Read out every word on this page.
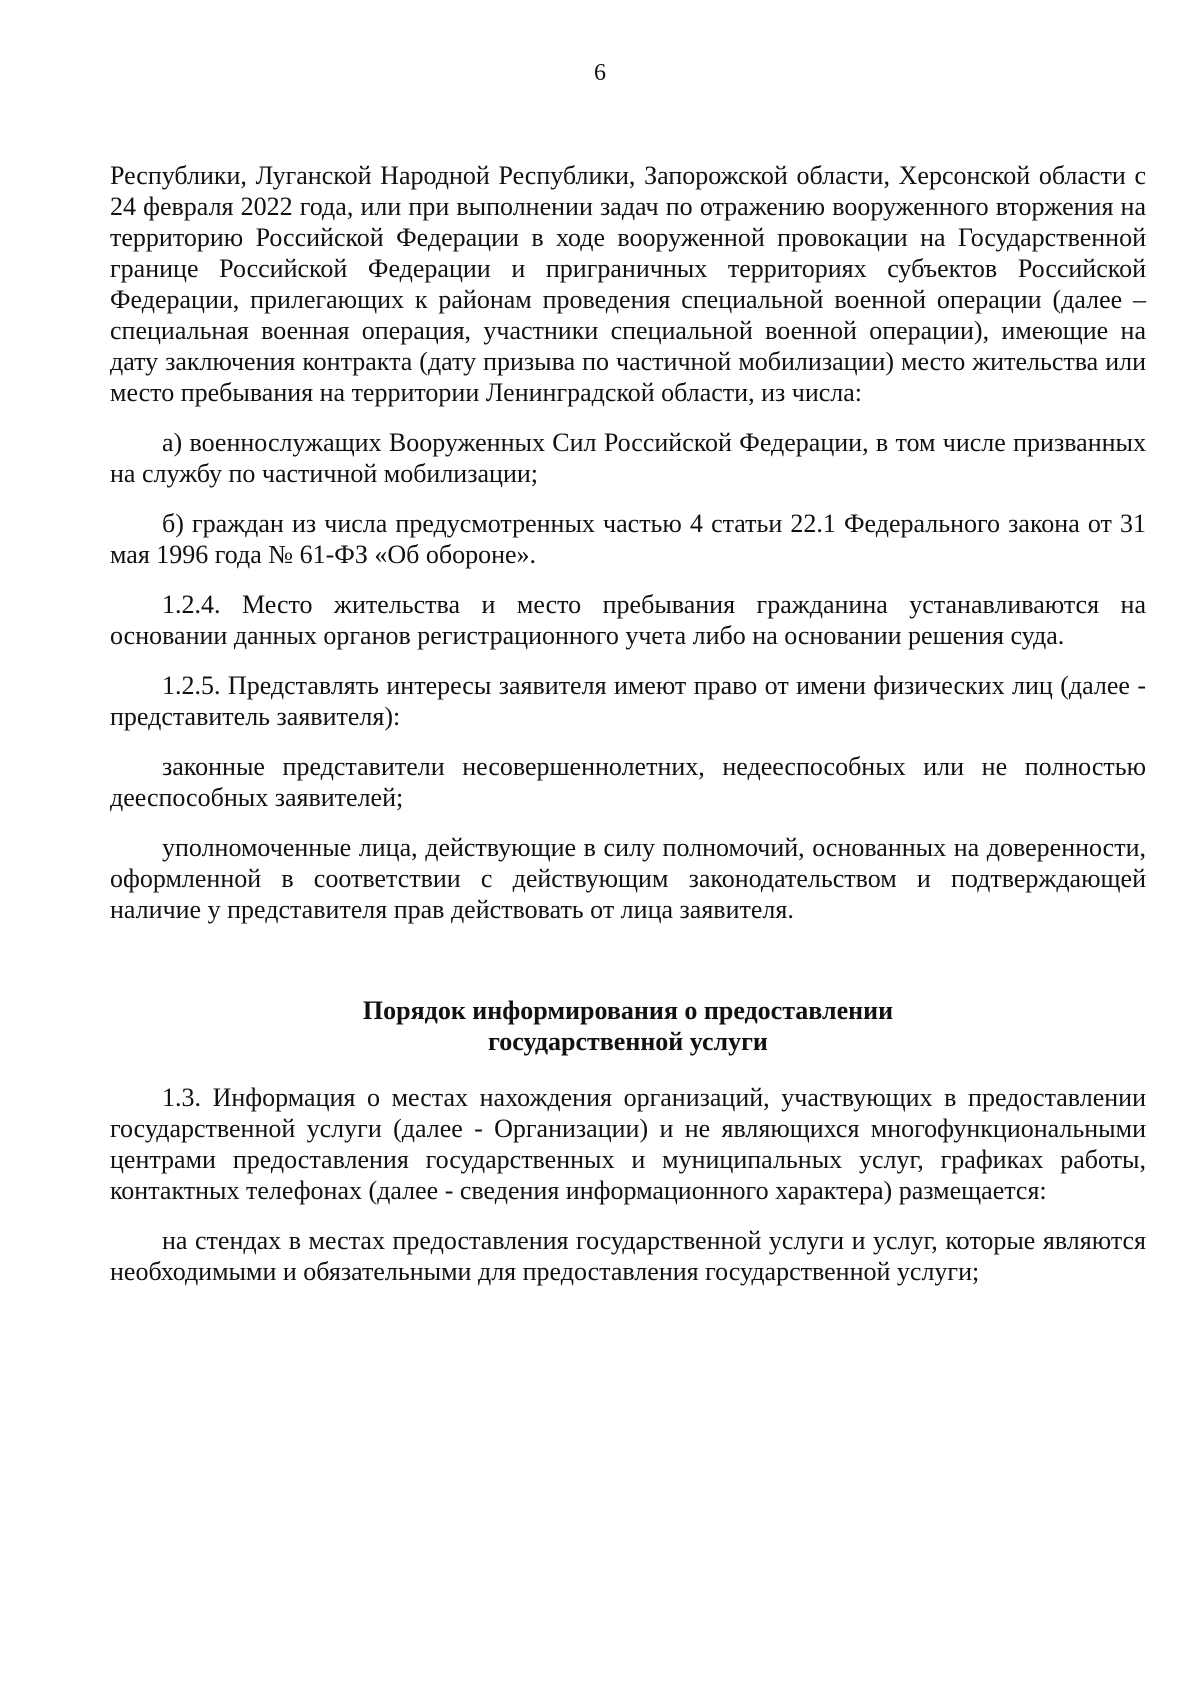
6

Республики, Луганской Народной Республики, Запорожской области, Херсонской области с 24 февраля 2022 года, или при выполнении задач по отражению вооруженного вторжения на территорию Российской Федерации в ходе вооруженной провокации на Государственной границе Российской Федерации и приграничных территориях субъектов Российской Федерации, прилегающих к районам проведения специальной военной операции (далее – специальная военная операция, участники специальной военной операции), имеющие на дату заключения контракта (дату призыва по частичной мобилизации) место жительства или место пребывания на территории Ленинградской области, из числа:

а) военнослужащих Вооруженных Сил Российской Федерации, в том числе призванных на службу по частичной мобилизации;

б) граждан из числа предусмотренных частью 4 статьи 22.1 Федерального закона от 31 мая 1996 года № 61-ФЗ «Об обороне».

1.2.4. Место жительства и место пребывания гражданина устанавливаются на основании данных органов регистрационного учета либо на основании решения суда.

1.2.5. Представлять интересы заявителя имеют право от имени физических лиц (далее - представитель заявителя):

законные представители несовершеннолетних, недееспособных или не полностью дееспособных заявителей;

уполномоченные лица, действующие в силу полномочий, основанных на доверенности, оформленной в соответствии с действующим законодательством и подтверждающей наличие у представителя прав действовать от лица заявителя.

Порядок информирования о предоставлении
государственной услуги

1.3. Информация о местах нахождения организаций, участвующих в предоставлении государственной услуги (далее - Организации) и не являющихся многофункциональными центрами предоставления государственных и муниципальных услуг, графиках работы, контактных телефонах (далее - сведения информационного характера) размещается:

на стендах в местах предоставления государственной услуги и услуг, которые являются необходимыми и обязательными для предоставления государственной услуги;
